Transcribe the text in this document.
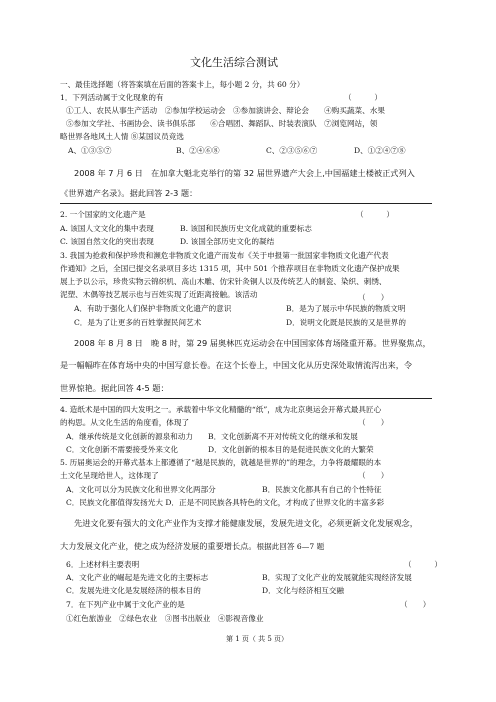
文化生活综合测试
一、最佳选择题（将答案填在后面的答案卡上，每小题 2 分，共 60 分）
1．下列活动属于文化现象的有	（　　　）
①工人、农民从事生产活动　②参加学校运动会　③参加演讲会、辩论会　　④购买蔬菜、水果
⑤参加文学社、书画协会、读书俱乐部　　⑥合唱团、舞蹈队、时装表演队　⑦浏览网站，领
略世界各地风土人情 ⑧某国议员竞选
A、①③⑤⑦	B、②④⑥⑧	C、②③⑤⑥⑦	D、①②④⑦⑧
2008 年 7 月 6 日　在加拿大魁北克举行的第 32 届世界遗产大会上,中国福建土楼被正式列入
《世界遗产名录》。据此回答 2-3 题：
2. 一个国家的文化遗产是	（　　　）
A. 该国人文文化的集中表现	B. 该国和民族历史文化成就的重要标志
C. 该国自然文化的突出表现	D. 该国全部历史文化的凝结
3. 我国为抢救和保护珍贵和濒危非物质文化遗产而发布《关于申报第一批国家非物质文化遗产代表
作通知》之后，全国已提交名录项目多达 1315 项，其中 501 个推荐项目在非物质文化遗产保护成果
展上予以公示，珍贵实物云锦织机、高山木雕、仿宋针灸铜人以及传统艺人的制瓷、染织、刺绣、
泥塑、木偶等技艺展示也与百姓实现了近距离接触。该活动	（　　）
A．有助于强化人们保护非物质文化遗产的意识	B．是为了展示中华民族的物质文明
C．是为了让更多的百姓掌握民间艺术	D．说明文化既是民族的又是世界的
2008 年 8 月 8 日　晚 8 时，第 29 届奥林匹克运动会在中国国家体育场隆重开幕。世界聚焦点，
是一幅幅昨在体育场中央的中国写意长卷。在这个长卷上，中国文化从历史深处取情流泻出来，令
世界惊艳。据此回答 4-5 题：
4. 造纸术是中国的四大发明之一。承载着中华文化精髓的“纸”，成为北京奥运会开幕式最具匠心
的构思。从文化生活的角度看，体现了	（　　）
A．继承传统是文化创新的源泉和动力 B．文化创新离不开对传统文化的继承和发展
C．文化创新不需要接受外来文化	D．文化创新的根本目的是促进民族文化的大繁荣
5. 历届奥运会的开幕式基本上都遵循了“越是民族的，就越是世界的”的理念，力争将最耀眼的本
土文化呈现给世人，这体现了	（　　）
A．文化可以分为民族文化和世界文化两部分	B．民族文化都具有自己的个性特征
C．民族文化都值得发扬光大 D．正是不同民族各具特色的文化，才构成了世界文化的丰富多彩
先进文化要有强大的文化产业作为支撑才能健康发展，发展先进文化，必须更新文化发展观念，
大力发展文化产业，使之成为经济发展的重要增长点。根据此回答 6—7 题
6．上述材料主要表明	（　　　）
A．文化产业的崛起是先进文化的主要标志	B．实现了文化产业的发展就能实现经济发展
C．发展先进文化是发展经济的根本目的	D．文化与经济相互交融
7．在下列产业中属于文化产业的是	（　　）
①红色旅游业　②绿色农业　③图书出版业　④影视音像业
第 1 页（ 共 5 页）
